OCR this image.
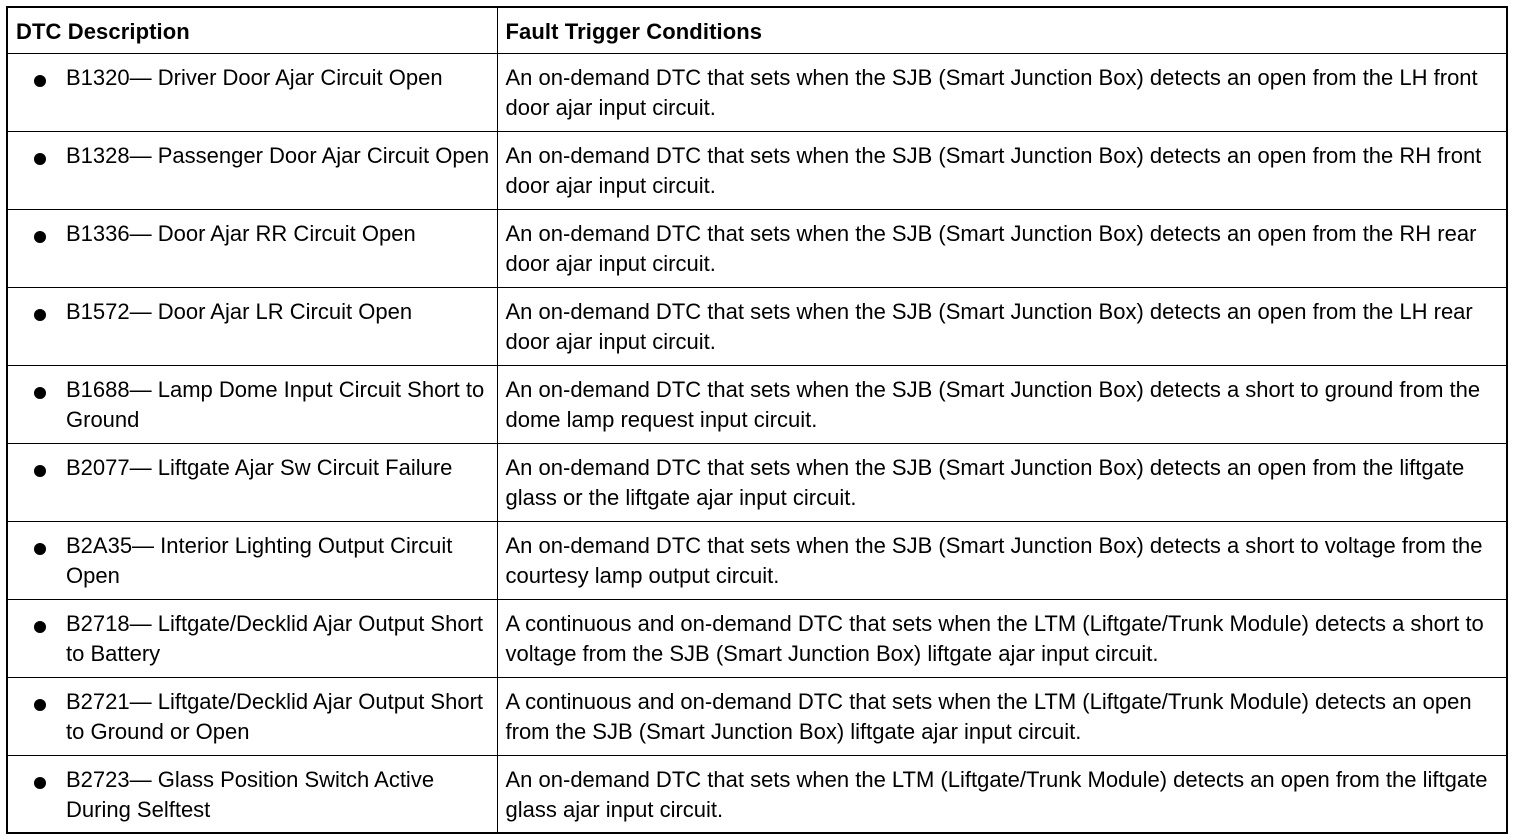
DTC Description	Fault Trigger Conditions

B1320— Driver Door Ajar Circuit Open	An on-demand DTC that sets when the SJB (Smart Junction Box) detects an open from the LH front door ajar input circuit.

B1328— Passenger Door Ajar Circuit Open	An on-demand DTC that sets when the SJB (Smart Junction Box) detects an open from the RH front door ajar input circuit.

B1336— Door Ajar RR Circuit Open	An on-demand DTC that sets when the SJB (Smart Junction Box) detects an open from the RH rear door ajar input circuit.

B1572— Door Ajar LR Circuit Open	An on-demand DTC that sets when the SJB (Smart Junction Box) detects an open from the LH rear door ajar input circuit.

B1688— Lamp Dome Input Circuit Short to Ground	An on-demand DTC that sets when the SJB (Smart Junction Box) detects a short to ground from the dome lamp request input circuit.

B2077— Liftgate Ajar Sw Circuit Failure	An on-demand DTC that sets when the SJB (Smart Junction Box) detects an open from the liftgate glass or the liftgate ajar input circuit.

B2A35— Interior Lighting Output Circuit Open	An on-demand DTC that sets when the SJB (Smart Junction Box) detects a short to voltage from the courtesy lamp output circuit.

B2718— Liftgate/Decklid Ajar Output Short to Battery	A continuous and on-demand DTC that sets when the LTM (Liftgate/Trunk Module) detects a short to voltage from the SJB (Smart Junction Box) liftgate ajar input circuit.

B2721— Liftgate/Decklid Ajar Output Short to Ground or Open	A continuous and on-demand DTC that sets when the LTM (Liftgate/Trunk Module) detects an open from the SJB (Smart Junction Box) liftgate ajar input circuit.

B2723— Glass Position Switch Active During Selftest	An on-demand DTC that sets when the LTM (Liftgate/Trunk Module) detects an open from the liftgate glass ajar input circuit.
